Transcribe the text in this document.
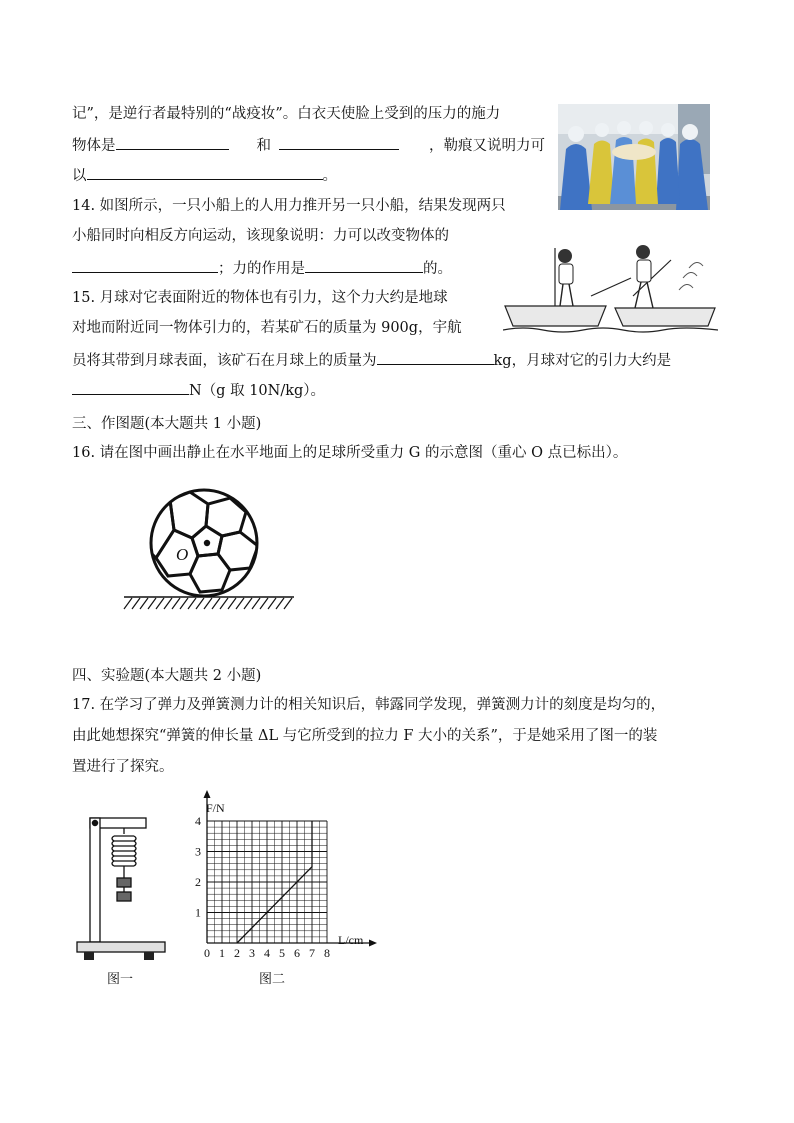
记”，是逆行者最特别的“战疫妆”。白衣天使脸上受到的压力的施力
物体是	和	，勒痕又说明力可
以	。
14. 如图所示，一只小船上的人用力推开另一只小船，结果发现两只
小船同时向相反方向运动，该现象说明：力可以改变物体的
；力的作用是	的。
15. 月球对它表面附近的物体也有引力，这个力大约是地球
对地而附近同一物体引力的，若某矿石的质量为 900g，宇航
员将其带到月球表面，该矿石在月球上的质量为	kg，月球对它的引力大约是
N（g 取 10N/kg）。
三、作图题(本大题共 1 小题)
16. 请在图中画出静止在水平地面上的足球所受重力 G 的示意图（重心 O 点已标出）。
O
四、实验题(本大题共 2 小题)
17. 在学习了弹力及弹簧测力计的相关知识后，韩露同学发现，弹簧测力计的刻度是均匀的，
由此她想探究“弹簧的伸长量 ΔL 与它所受到的拉力 F 大小的关系”，于是她采用了图一的装
置进行了探究。
图一
0 1 2 3 4 5 6 7 8
1
2
3
4
F/N
L/cm
图二
